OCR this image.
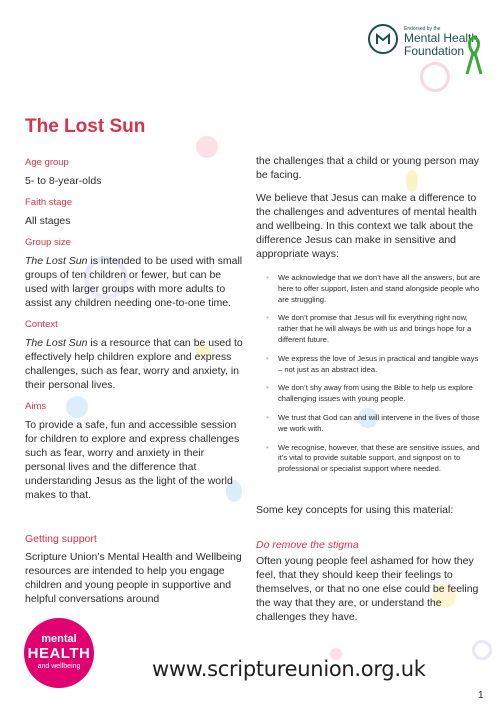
Endorsed by the
Mental Health
Foundation
The Lost Sun

Age group

5- to 8-year-olds

Faith stage

All stages

Group size

The Lost Sun is intended to be used with small groups of ten children or fewer, but can be used with larger groups with more adults to assist any children needing one-to-one time.

Context

The Lost Sun is a resource that can be used to effectively help children explore and express challenges, such as fear, worry and anxiety, in their personal lives.

Aims

To provide a safe, fun and accessible session for children to explore and express challenges such as fear, worry and anxiety in their personal lives and the difference that understanding Jesus as the light of the world makes to that.

Getting support

Scripture Union’s Mental Health and Wellbeing resources are intended to help you engage children and young people in supportive and helpful conversations around

the challenges that a child or young person may be facing.

We believe that Jesus can make a difference to the challenges and adventures of mental health and wellbeing. In this context we talk about the difference Jesus can make in sensitive and appropriate ways:

• We acknowledge that we don’t have all the answers, but are here to offer support, listen and stand alongside people who are struggling.
• We don’t promise that Jesus will fix everything right now, rather that he will always be with us and brings hope for a different future.
• We express the love of Jesus in practical and tangible ways – not just as an abstract idea.
• We don’t shy away from using the Bible to help us explore challenging issues with young people.
• We trust that God can and will intervene in the lives of those we work with.
• We recognise, however, that these are sensitive issues, and it’s vital to provide suitable support, and signpost on to professional or specialist support where needed.

Some key concepts for using this material:

Do remove the stigma

Often young people feel ashamed for how they feel, that they should keep their feelings to themselves, or that no one else could be feeling the way that they are, or understand the challenges they have.

mental
HEALTH
and wellbeing	www.scriptureunion.org.uk
1
